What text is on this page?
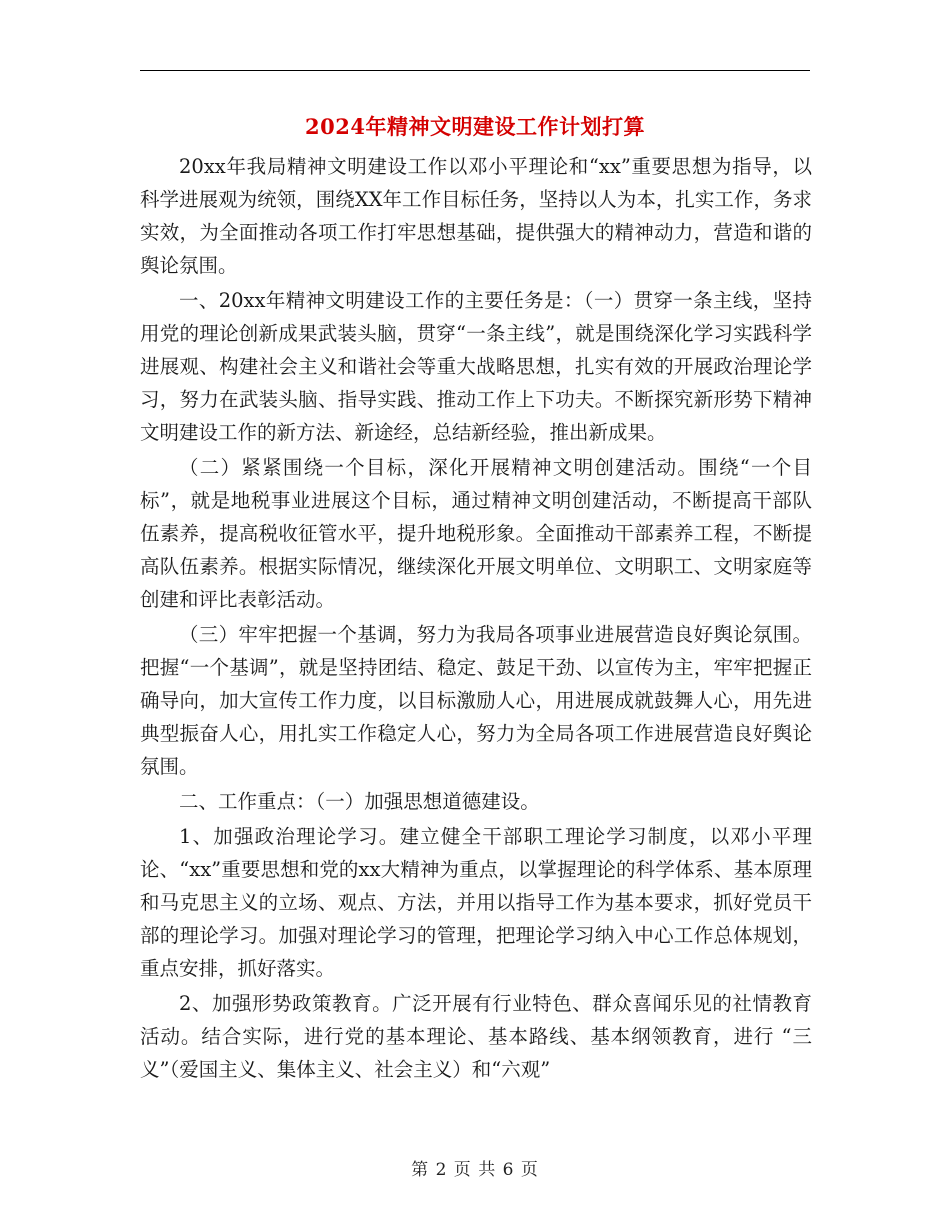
2024年精神文明建设工作计划打算

20xx年我局精神文明建设工作以邓小平理论和“xx”重要思想为指导，以科学进展观为统领，围绕XX年工作目标任务，坚持以人为本，扎实工作，务求实效，为全面推动各项工作打牢思想基础，提供强大的精神动力，营造和谐的舆论氛围。

一、20xx年精神文明建设工作的主要任务是：（一）贯穿一条主线，坚持用党的理论创新成果武装头脑，贯穿“一条主线”，就是围绕深化学习实践科学进展观、构建社会主义和谐社会等重大战略思想，扎实有效的开展政治理论学习，努力在武装头脑、指导实践、推动工作上下功夫。不断探究新形势下精神文明建设工作的新方法、新途经，总结新经验，推出新成果。

（二）紧紧围绕一个目标，深化开展精神文明创建活动。围绕“一个目标”，就是地税事业进展这个目标，通过精神文明创建活动，不断提高干部队伍素养，提高税收征管水平，提升地税形象。全面推动干部素养工程，不断提高队伍素养。根据实际情况，继续深化开展文明单位、文明职工、文明家庭等创建和评比表彰活动。

（三）牢牢把握一个基调，努力为我局各项事业进展营造良好舆论氛围。把握“一个基调”，就是坚持团结、稳定、鼓足干劲、以宣传为主，牢牢把握正确导向，加大宣传工作力度，以目标激励人心，用进展成就鼓舞人心，用先进典型振奋人心，用扎实工作稳定人心，努力为全局各项工作进展营造良好舆论氛围。

二、工作重点：（一）加强思想道德建设。

1、加强政治理论学习。建立健全干部职工理论学习制度，以邓小平理论、“xx”重要思想和党的xx大精神为重点，以掌握理论的科学体系、基本原理和马克思主义的立场、观点、方法，并用以指导工作为基本要求，抓好党员干部的理论学习。加强对理论学习的管理，把理论学习纳入中心工作总体规划，重点安排，抓好落实。

2、加强形势政策教育。广泛开展有行业特色、群众喜闻乐见的社情教育活动。结合实际，进行党的基本理论、基本路线、基本纲领教育，进行 “三义”（爱国主义、集体主义、社会主义）和“六观”

第 2 页 共 6 页
